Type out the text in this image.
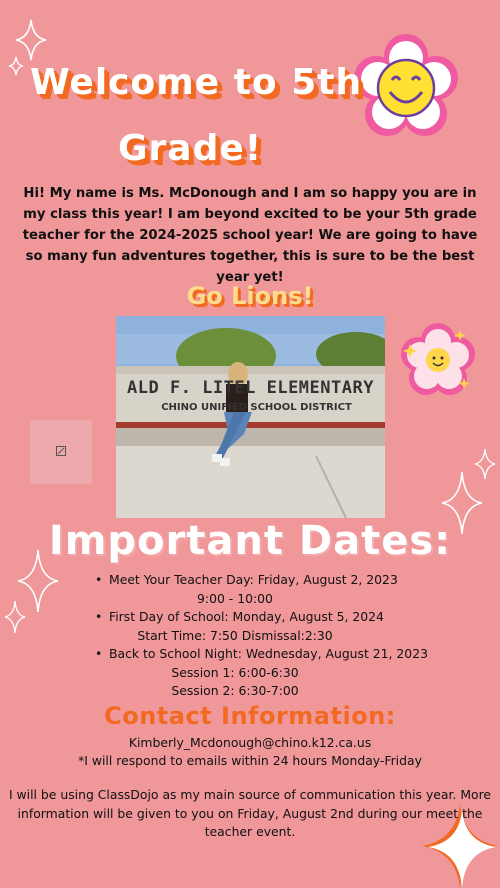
Welcome to 5th
Grade!

Hi! My name is Ms. McDonough and I am so happy you are in my class this year! I am beyond excited to be your 5th grade teacher for the 2024-2025 school year! We are going to have so many fun adventures together, this is sure to be the best year yet!

Go Lions!
ALD F. LITEL ELEMENTARY
CHINO UNIFIED SCHOOL DISTRICT
Important Dates:
• Meet Your Teacher Day: Friday, August 2, 2023
9:00 - 10:00
• First Day of School: Monday, August 5, 2024
Start Time: 7:50 Dismissal:2:30
• Back to School Night: Wednesday, August 21, 2023
Session 1: 6:00-6:30
Session 2: 6:30-7:00
Contact Information:
Kimberly_Mcdonough@chino.k12.ca.us
*I will respond to emails within 24 hours Monday-Friday
I will be using ClassDojo as my main source of communication this year. More information will be given to you on Friday, August 2nd during our meet the teacher event.
